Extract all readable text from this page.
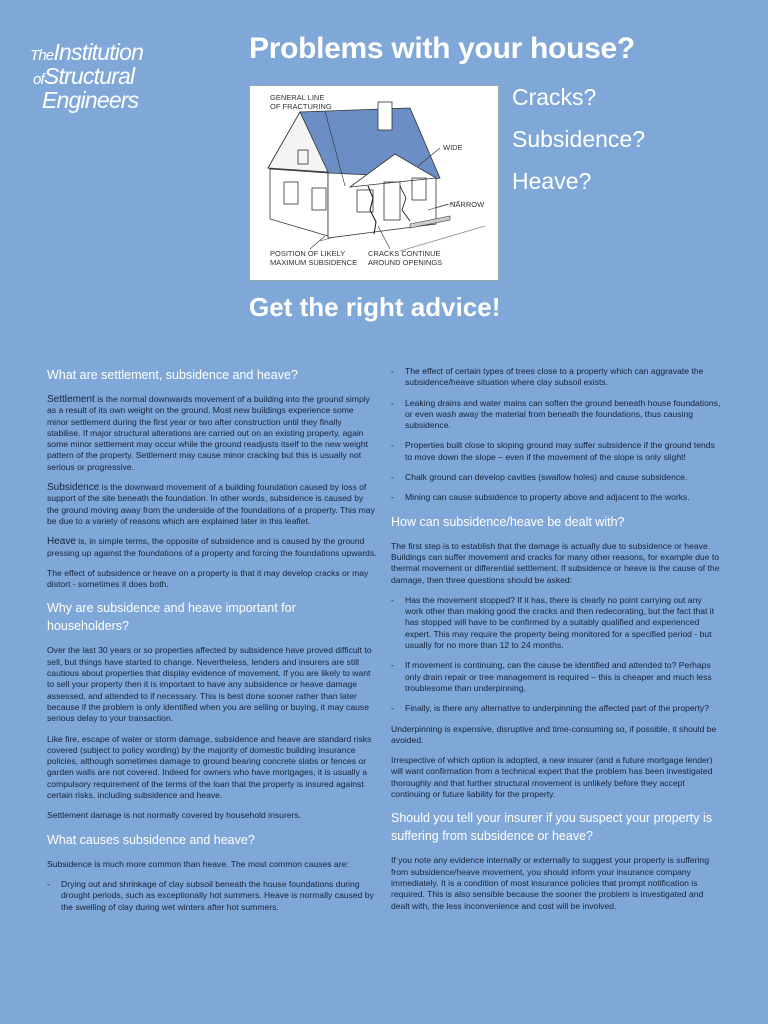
TheInstitution
ofStructural
Engineers
Problems with your house?
Cracks?
Subsidence?
Heave?
GENERAL LINE
OF FRACTURING
WIDE
NARROW
POSITION OF LIKELY
MAXIMUM SUBSIDENCE
CRACKS CONTINUE
AROUND OPENINGS
Get the right advice!
What are settlement, subsidence and heave?

Settlement is the normal downwards movement of a building into the ground simply as a result of its own weight on the ground. Most new buildings experience some minor settlement during the first year or two after construction until they finally stabilise. If major structural alterations are carried out on an existing property, again some minor settlement may occur while the ground readjusts itself to the new weight pattern of the property. Settlement may cause minor cracking but this is usually not serious or progressive.

Subsidence is the downward movement of a building foundation caused by loss of support of the site beneath the foundation. In other words, subsidence is caused by the ground moving away from the underside of the foundations of a property. This may be due to a variety of reasons which are explained later in this leaflet.

Heave is, in simple terms, the opposite of subsidence and is caused by the ground pressing up against the foundations of a property and forcing the foundations upwards.

The effect of subsidence or heave on a property is that it may develop cracks or may distort - sometimes it does both.

Why are subsidence and heave important for householders?

Over the last 30 years or so properties affected by subsidence have proved difficult to sell, but things have started to change. Nevertheless, lenders and insurers are still cautious about properties that display evidence of movement. If you are likely to want to sell your property then it is important to have any subsidence or heave damage assessed, and attended to if necessary. This is best done sooner rather than later because if the problem is only identified when you are selling or buying, it may cause serious delay to your transaction.

Like fire, escape of water or storm damage, subsidence and heave are standard risks covered (subject to policy wording) by the majority of domestic building insurance policies, although sometimes damage to ground bearing concrete slabs or fences or garden walls are not covered. Indeed for owners who have mortgages, it is usually a compulsory requirement of the terms of the loan that the property is insured against certain risks, including subsidence and heave.

Settlement damage is not normally covered by household insurers.

What causes subsidence and heave?

Subsidence is much more common than heave. The most common causes are:

- Drying out and shrinkage of clay subsoil beneath the house foundations during drought periods, such as exceptionally hot summers. Heave is normally caused by the swelling of clay during wet winters after hot summers.
- The effect of certain types of trees close to a property which can aggravate the subsidence/heave situation where clay subsoil exists.
- Leaking drains and water mains can soften the ground beneath house foundations, or even wash away the material from beneath the foundations, thus causing subsidence.
- Properties built close to sloping ground may suffer subsidence if the ground tends to move down the slope – even if the movement of the slope is only slight!
- Chalk ground can develop cavities (swallow holes) and cause subsidence.
- Mining can cause subsidence to property above and adjacent to the works.
How can subsidence/heave be dealt with?

The first step is to establish that the damage is actually due to subsidence or heave. Buildings can suffer movement and cracks for many other reasons, for example due to thermal movement or differential settlement. If subsidence or heave is the cause of the damage, then three questions should be asked:

- Has the movement stopped? If it has, there is clearly no point carrying out any work other than making good the cracks and then redecorating, but the fact that it has stopped will have to be confirmed by a suitably qualified and experienced expert. This may require the property being monitored for a specified period - but usually for no more than 12 to 24 months.
- If movement is continuing, can the cause be identified and attended to? Perhaps only drain repair or tree management is required – this is cheaper and much less troublesome than underpinning.
- Finally, is there any alternative to underpinning the affected part of the property?

Underpinning is expensive, disruptive and time-consuming so, if possible, it should be avoided.

Irrespective of which option is adopted, a new insurer (and a future mortgage lender) will want confirmation from a technical expert that the problem has been investigated thoroughly and that further structural movement is unlikely before they accept continuing or future liability for the property.

Should you tell your insurer if you suspect your property is suffering from subsidence or heave?

If you note any evidence internally or externally to suggest your property is suffering from subsidence/heave movement, you should inform your insurance company immediately. It is a condition of most insurance policies that prompt notification is required. This is also sensible because the sooner the problem is investigated and dealt with, the less inconvenience and cost will be involved.
